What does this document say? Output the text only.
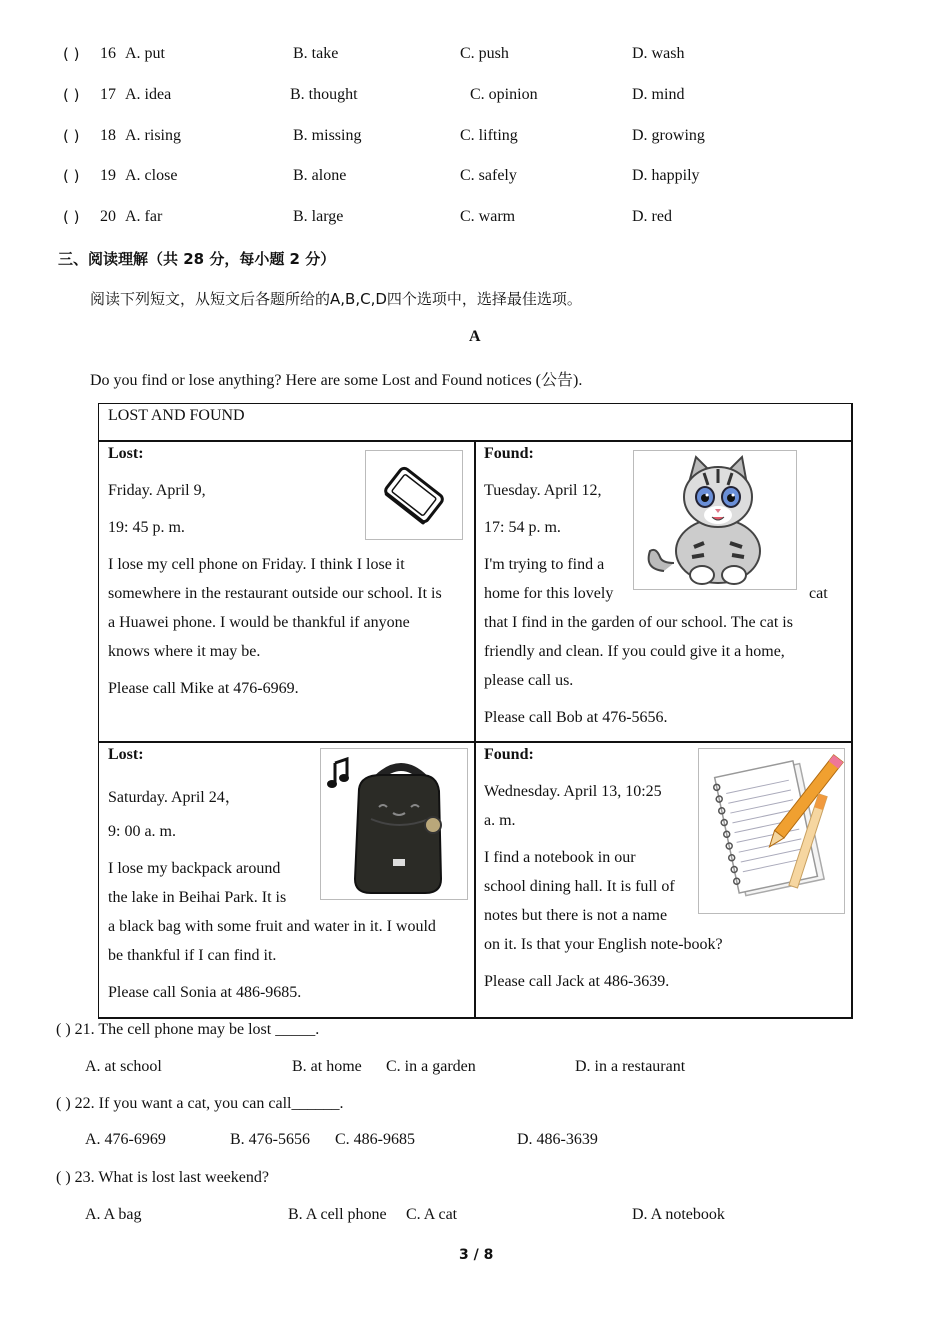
( ) 16 A. put	B. take	C. push	D. wash
( ) 17 A. idea	B. thought	C. opinion	D. mind
( ) 18 A. rising	B. missing	C. lifting	D. growing
( ) 19 A. close	B. alone	C. safely	D. happily
( ) 20 A. far	B. large	C. warm	D. red
三、阅读理解（共 28 分，每小题 2 分）
阅读下列短文，从短文后各题所给的A,B,C,D四个选项中，选择最佳选项。
A
Do you find or lose anything? Here are some Lost and Found notices (公告).
LOST AND FOUND
Lost:
Friday. April 9,
19: 45 p. m.
I lose my cell phone on Friday. I think I lose it
somewhere in the restaurant outside our school. It is
a Huawei phone. I would be thankful if anyone
knows where it may be.
Please call Mike at 476-6969.
Found:
Tuesday. April 12,
17: 54 p. m.
I'm trying to find a
home for this lovely	cat
that I find in the garden of our school. The cat is
friendly and clean. If you could give it a home,
please call us.
Please call Bob at 476-5656.
Lost:
Saturday. April 24，
9: 00 a. m.
I lose my backpack around
the lake in Beihai Park. It is
a black bag with some fruit and water in it. I would
be thankful if I can find it.
Please call Sonia at 486-9685.
Found:
Wednesday. April 13, 10:25
a. m.
I find a notebook in our
school dining hall. It is full of
notes but there is not a name
on it. Is that your English note-book?
Please call Jack at 486-3639.
( ) 21. The cell phone may be lost _____.
A. at school	B. at home C. in a garden	D. in a restaurant
( ) 22. If you want a cat, you can call______.
A. 476-6969	B. 476-5656 C. 486-9685	D. 486-3639
( ) 23. What is lost last weekend?
A. A bag	B. A cell phone C. A cat	D. A notebook
3 / 8
